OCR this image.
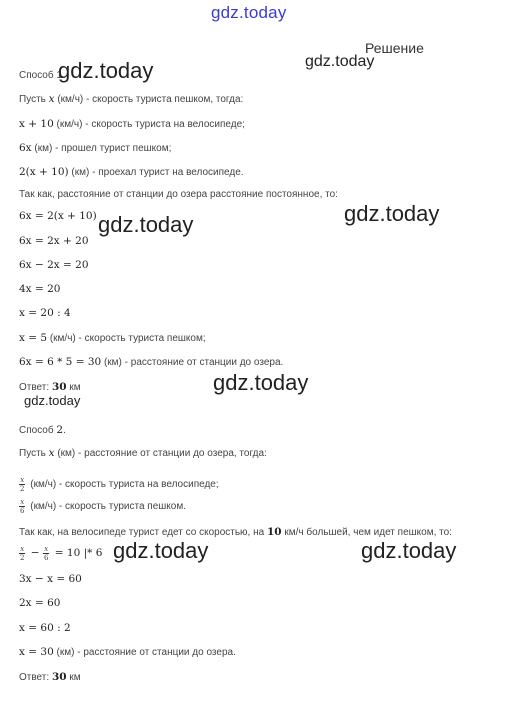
gdz.today
Решение
gdz.today
gdz.today
gdz.today
gdz.today
gdz.today
gdz.today
gdz.today	gdz.today
Способ 1.
Пусть x (км/ч) - скорость туриста пешком, тогда:
x + 10 (км/ч) - скорость туриста на велосипеде;
6x (км) - прошел турист пешком;
2(x + 10) (км) - проехал турист на велосипеде.
Так как, расстояние от станции до озера расстояние постоянное, то:
6x = 2(x + 10)
6x = 2x + 20
6x − 2x = 20
4x = 20
x = 20 : 4
x = 5 (км/ч) - скорость туриста пешком;
6x = 6 * 5 = 30 (км) - расстояние от станции до озера.
Ответ: 30 км
Способ 2.
Пусть x (км) - расстояние от станции до озера, тогда:
$\frac{x}{2} (км/ч)$ - скорость туриста на велосипеде;
$\frac{x}{6} (км/ч)$ - скорость туриста пешком.
Так как, на велосипеде турист едет со скоростью, на 10 км/ч большей, чем идет пешком, то:
$\frac{x}{2} - \frac{x}{6} = 10$ |* 6
3x − x = 60
2x = 60
x = 60 : 2
x = 30 (км) - расстояние от станции до озера.
Ответ: 30 км
